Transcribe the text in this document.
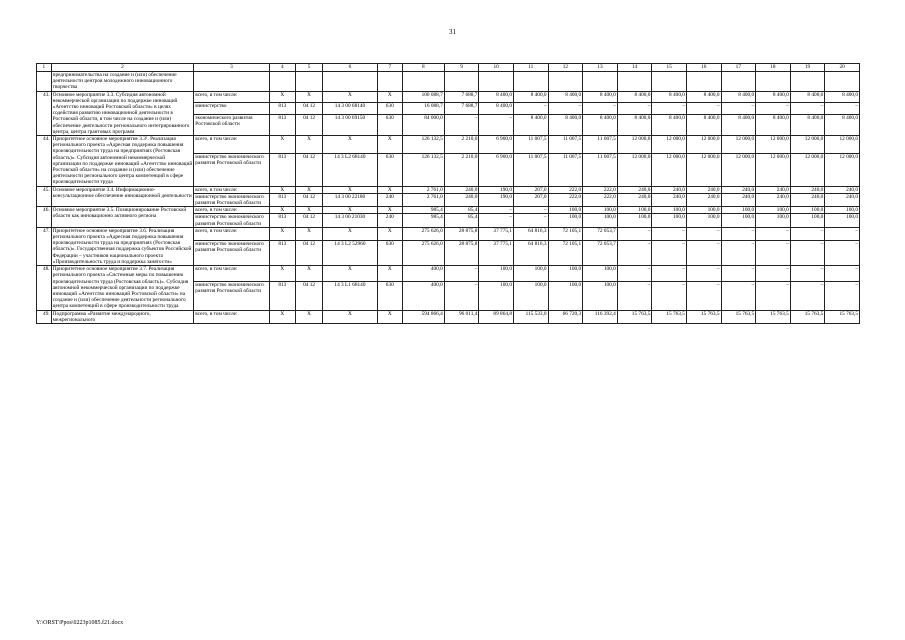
31
1	2	3	4	5	6	7	8	9	10	11	12	13	14	15	16	17	18	19	20
	предпринимательства на создание и (или) обеспечение деятельности центров молодежного инновационного творчества																		
43.	Основное мероприятие 3.3. Субсидия автономной некоммерческой организации по поддержке инноваций «Агентство инноваций Ростовской области» в целях содействия развитию инновационной деятельности в Ростовской области, в том числе на создание и (или) обеспечение деятельности регионального интегрированного центра, центра грантовых программ	всего, в том числе:	Х	Х	Х	Х	100 088,7	7 688,7	8 400,0	8 400,0	8 400,0	8 400,0	8 400,0	8 400,0	8 400,0	8 400,0	8 400,0	8 400,0	8 400,0
		министерство	813	04 12	14 3 00 68140	630	16 088,7	7 688,7	8 400,0	–	–	–	–	–	–	–	–	–	–
		экономического развития Ростовской области	813	04 12	14 3 00 69150	630	84 000,0	–	–	8 400,0	8 400,0	8 400,0	8 400,0	8 400,0	8 400,0	8 400,0	8 400,0	8 400,0	8 400,0
44.	Приоритетное основное мероприятие 3.3¹. Реализация регионального проекта «Адресная поддержка повышения производительности труда на предприятиях (Ростовская область)». Субсидия автономной некоммерческой организации по поддержке инноваций «Агентство инноваций Ростовской области» на создание и (или) обеспечение деятельности регионального центра компетенций в сфере производительности труда	всего, в том числе:	Х	Х	Х	Х	126 132,5	2 210,0	6 900,0	11 007,5	11 007,5	11 007,5	12 000,0	12 000,0	12 000,0	12 000,0	12 000,0	12 000,0	12 000,0
		министерство экономического развития Ростовской области	813	04 12	14 3 L2 68140	630	126 132,5	2 210,0	6 900,0	11 007,5	11 007,5	11 007,5	12 000,0	12 000,0	12 000,0	12 000,0	12 000,0	12 000,0	12 000,0
45.	Основное мероприятие 3.4. Информационно-консультационное обеспечение инновационной деятельности	всего, в том числе:	Х	Х	Х	Х	2 761,0	240,0	190,0	207,0	222,0	222,0	240,0	240,0	240,0	240,0	240,0	240,0	240,0
		министерство экономического развития Ростовской области	813	04 12	14 3 00 22180	240	2 761,0	240,0	190,0	207,0	222,0	222,0	240,0	240,0	240,0	240,0	240,0	240,0	240,0
46.	Основное мероприятие 3.5. Позиционирование Ростовской области как инновационно активного региона	всего, в том числе:	Х	Х	Х	Х	985,4	85,4	–	–	100,0	100,0	100,0	100,0	100,0	100,0	100,0	100,0	100,0
		министерство экономического развития Ростовской области	813	04 12	14 3 00 21030	240	985,4	85,4	–	–	100,0	100,0	100,0	100,0	100,0	100,0	100,0	100,0	100,0
47.	Приоритетное основное мероприятие 3.6. Реализация регионального проекта «Адресная поддержка повышения производительности труда на предприятиях (Ростовская область)». Государственная поддержка субъектов Российской Федерации – участников национального проекта «Производительность труда и поддержка занятости»	всего, в том числе:	Х	Х	Х	Х	275 626,0	28 875,8	37 775,1	64 816,3	72 105,1	72 053,7	–	–	–	–	–	–	–
		министерство экономического развития Ростовской области	813	04 12	14 3 L2 52960	630	275 626,0	28 875,8	37 775,1	64 816,3	72 105,1	72 053,7	–	–	–	–	–	–	–
48.	Приоритетное основное мероприятие 3.7. Реализация регионального проекта «Системные меры по повышению производительности труда (Ростовская область)». Субсидия автономной некоммерческой организации по поддержке инноваций «Агентство инноваций Ростовской области» на создание и (или) обеспечение деятельности регионального центра компетенций в сфере производительности труда	всего, в том числе:	Х	Х	Х	Х	400,0	–	100,0	100,0	100,0	100,0	–	–	–	–	–	–	–
		министерство экономического развития Ростовской области	813	04 12	14 3 L1 68140	630	400,0	–	100,0	100,0	100,0	100,0	–	–	–	–	–	–	–
49.	Подпрограмма «Развитие международного, межрегионального	всего, в том числе:	Х	Х	Х	Х	594 866,4	96 011,4	89 864,8	115 533,0	66 720,3	116 392,4	15 763,5	15 763,5	15 763,5	15 763,5	15 763,5	15 763,5	15 763,5
Y:\ORST\Ppos\0223p1085.f21.docx
